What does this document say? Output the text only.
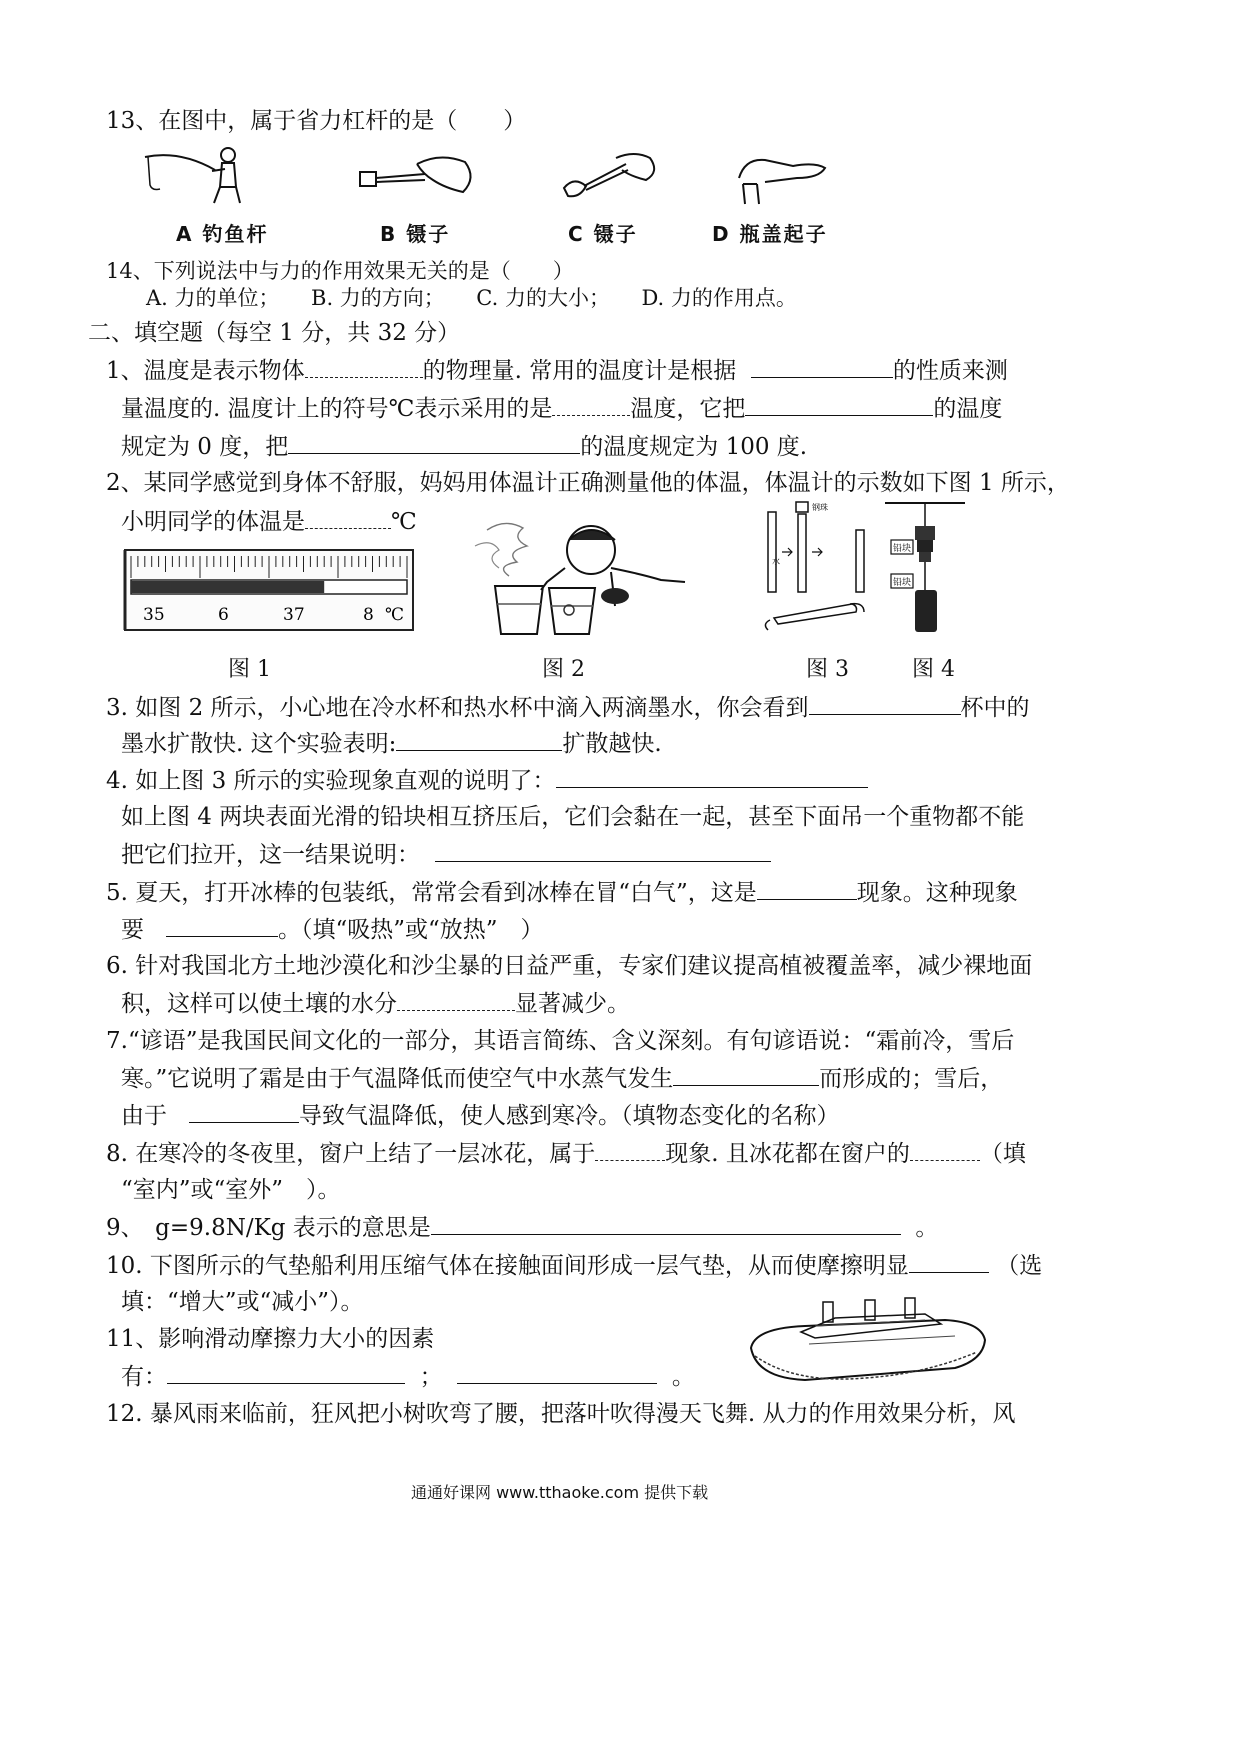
13、在图中，属于省力杠杆的是（　　）
A 钓鱼杆	B 镊子	C 镊子	D 瓶盖起子
14、下列说法中与力的作用效果无关的是（　　）
A. 力的单位；　　B. 力的方向；　　C. 力的大小；　　D. 力的作用点。
二、填空题（每空 1 分，共 32 分）
1、温度是表示物体	的物理量. 常用的温度计是根据	的性质来测
量温度的. 温度计上的符号℃表示采用的是	温度，它把	的温度
规定为 0 度，把	的温度规定为 100 度.
2、某同学感觉到身体不舒服，妈妈用体温计正确测量他的体温，体温计的示数如下图 1 所示，
小明同学的体温是	℃
35	6	37	8 ℃
钢珠
水
铅块
铅块
图 1	图 2	图 3	图 4
3. 如图 2 所示，小心地在冷水杯和热水杯中滴入两滴墨水，你会看到	杯中的
墨水扩散快. 这个实验表明:	扩散越快.
4. 如上图 3 所示的实验现象直观的说明了：
如上图 4 两块表面光滑的铅块相互挤压后，它们会黏在一起，甚至下面吊一个重物都不能
把它们拉开，这一结果说明：
5. 夏天，打开冰棒的包装纸，常常会看到冰棒在冒“白气”，这是	现象。这种现象
要	。（填“吸热”或“放热”　）
6. 针对我国北方土地沙漠化和沙尘暴的日益严重，专家们建议提高植被覆盖率，减少裸地面
积，这样可以使土壤的水分	显著减少。
7.“谚语”是我国民间文化的一部分，其语言简练、含义深刻。有句谚语说：“霜前冷，雪后
寒。”它说明了霜是由于气温降低而使空气中水蒸气发生	而形成的；雪后，
由于	导致气温降低，使人感到寒冷。（填物态变化的名称）
8. 在寒冷的冬夜里，窗户上结了一层冰花，属于	现象. 且冰花都在窗户的	（填
“室内”或“室外”　）。
9、　g=9.8N/Kg 表示的意思是	。
10. 下图所示的气垫船利用压缩气体在接触面间形成一层气垫，从而使摩擦明显	（选
填：“增大”或“减小”）。
11、影响滑动摩擦力大小的因素
有：	；	。
12. 暴风雨来临前，狂风把小树吹弯了腰，把落叶吹得漫天飞舞. 从力的作用效果分析，风
通通好课网 www.tthaoke.com 提供下载
